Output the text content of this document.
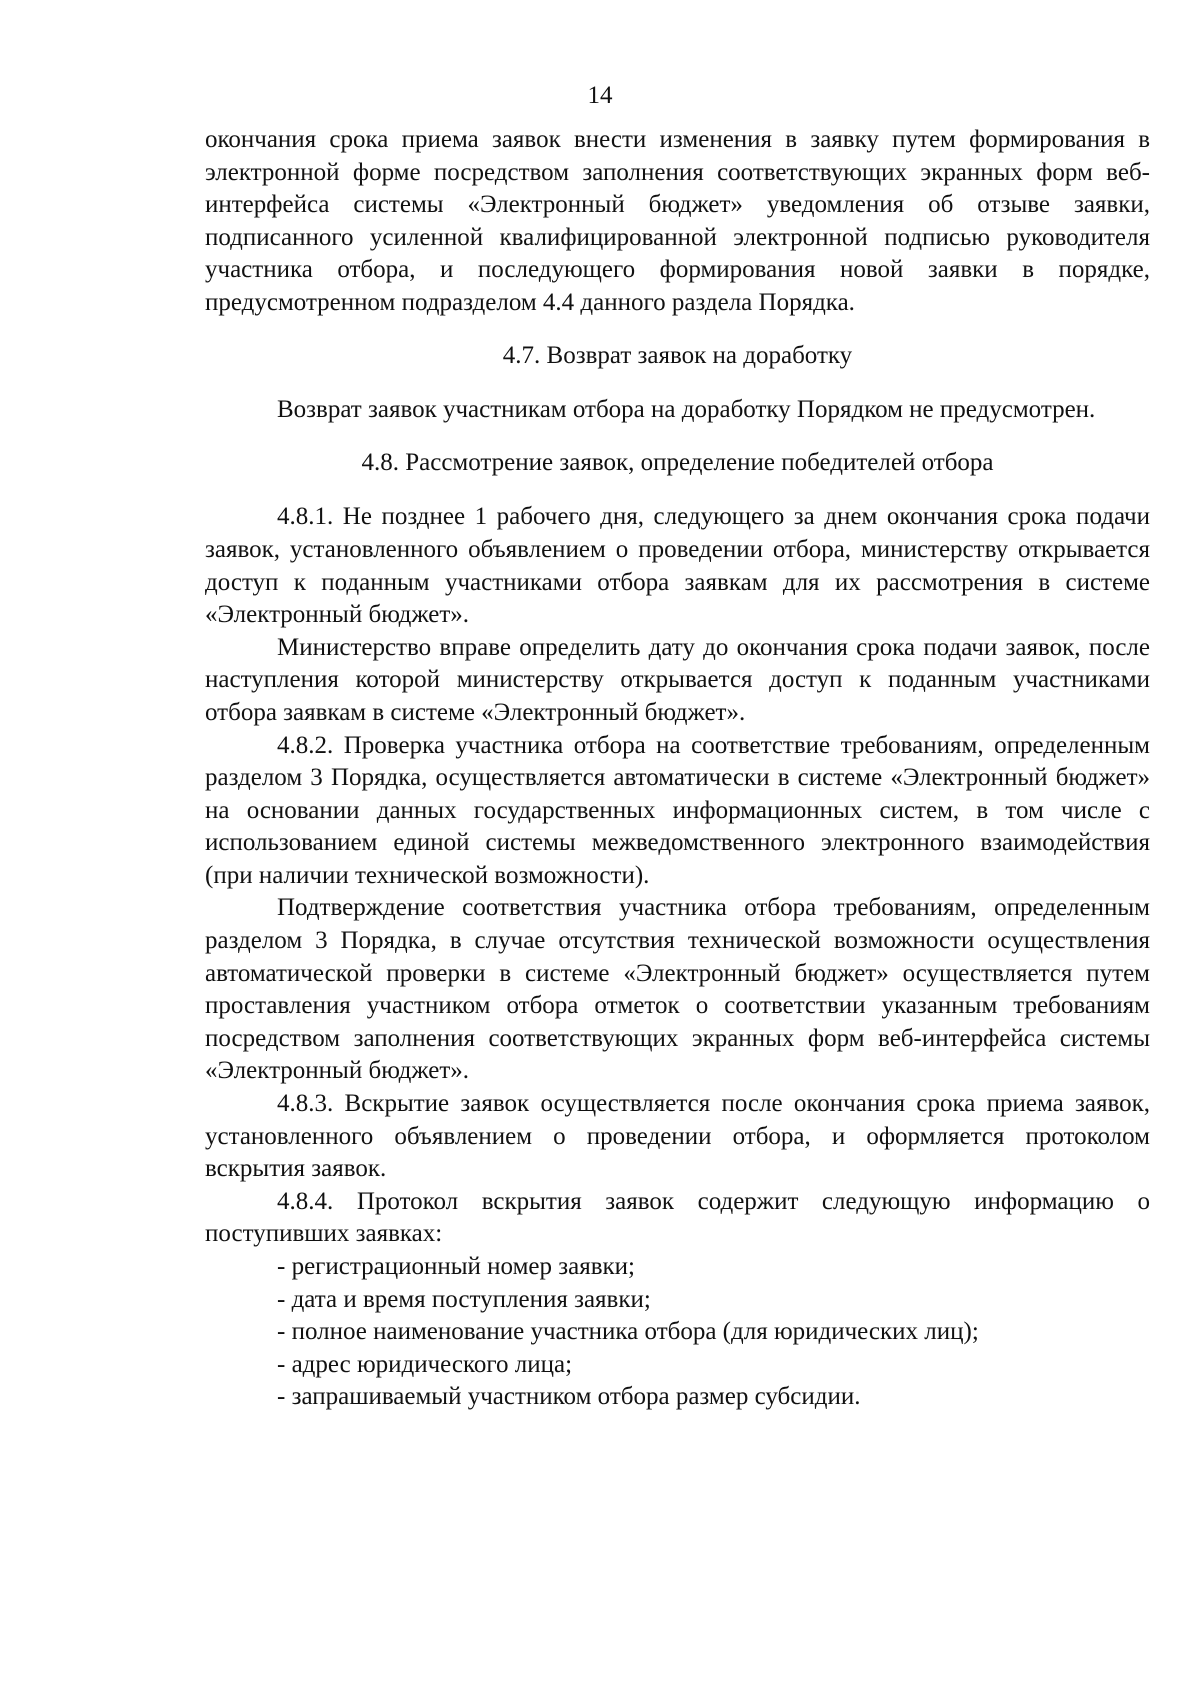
14

окончания срока приема заявок внести изменения в заявку путем формирования в электронной форме посредством заполнения соответствующих экранных форм веб-интерфейса системы «Электронный бюджет» уведомления об отзыве заявки, подписанного усиленной квалифицированной электронной подписью руководителя участника отбора, и последующего формирования новой заявки в порядке, предусмотренном подразделом 4.4 данного раздела Порядка.

4.7. Возврат заявок на доработку

Возврат заявок участникам отбора на доработку Порядком не предусмотрен.

4.8. Рассмотрение заявок, определение победителей отбора

4.8.1. Не позднее 1 рабочего дня, следующего за днем окончания срока подачи заявок, установленного объявлением о проведении отбора, министерству открывается доступ к поданным участниками отбора заявкам для их рассмотрения в системе «Электронный бюджет».

Министерство вправе определить дату до окончания срока подачи заявок, после наступления которой министерству открывается доступ к поданным участниками отбора заявкам в системе «Электронный бюджет».

4.8.2. Проверка участника отбора на соответствие требованиям, определенным разделом 3 Порядка, осуществляется автоматически в системе «Электронный бюджет» на основании данных государственных информационных систем, в том числе с использованием единой системы межведомственного электронного взаимодействия (при наличии технической возможности).

Подтверждение соответствия участника отбора требованиям, определенным разделом 3 Порядка, в случае отсутствия технической возможности осуществления автоматической проверки в системе «Электронный бюджет» осуществляется путем проставления участником отбора отметок о соответствии указанным требованиям посредством заполнения соответствующих экранных форм веб-интерфейса системы «Электронный бюджет».

4.8.3. Вскрытие заявок осуществляется после окончания срока приема заявок, установленного объявлением о проведении отбора, и оформляется протоколом вскрытия заявок.

4.8.4. Протокол вскрытия заявок содержит следующую информацию о поступивших заявках:

- регистрационный номер заявки;

- дата и время поступления заявки;

- полное наименование участника отбора (для юридических лиц);

- адрес юридического лица;

- запрашиваемый участником отбора размер субсидии.
